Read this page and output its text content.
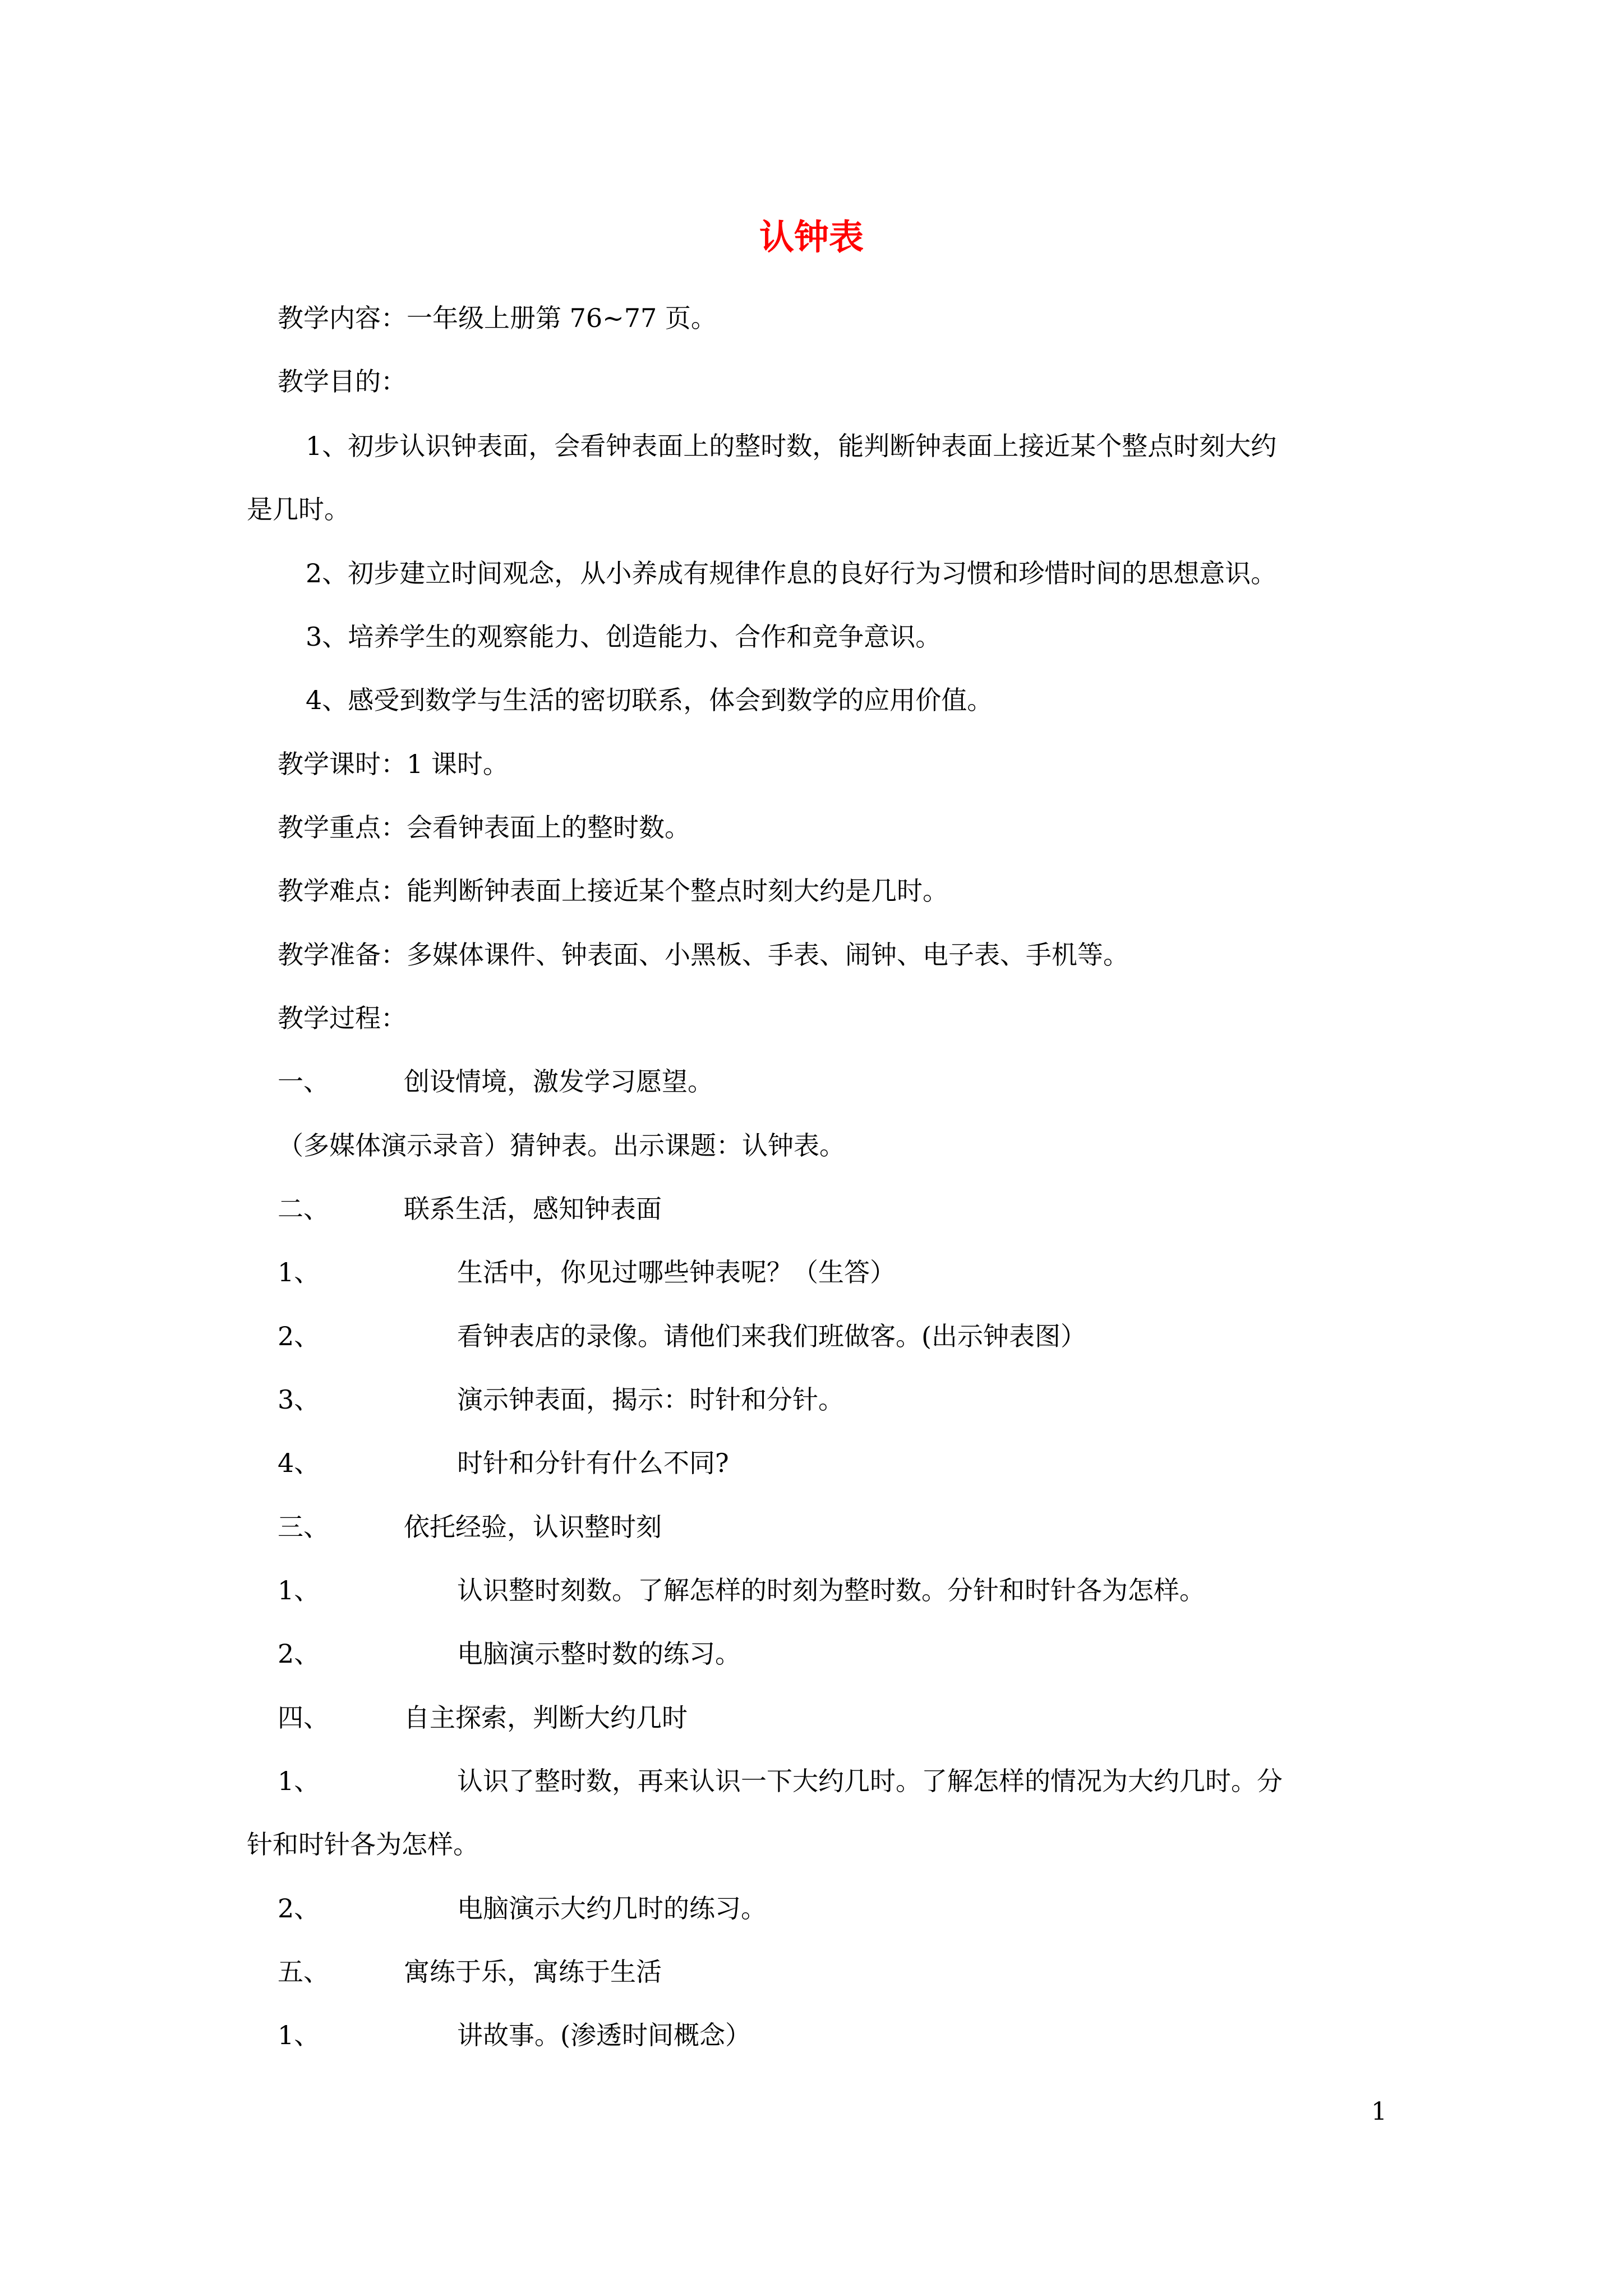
认钟表
教学内容：一年级上册第 76~77 页。
教学目的：
1、初步认识钟表面，会看钟表面上的整时数，能判断钟表面上接近某个整点时刻大约
是几时。
2、初步建立时间观念，从小养成有规律作息的良好行为习惯和珍惜时间的思想意识。
3、培养学生的观察能力、创造能力、合作和竞争意识。
4、感受到数学与生活的密切联系，体会到数学的应用价值。
教学课时：1 课时。
教学重点：会看钟表面上的整时数。
教学难点：能判断钟表面上接近某个整点时刻大约是几时。
教学准备：多媒体课件、钟表面、小黑板、手表、闹钟、电子表、手机等。
教学过程：
一、	创设情境，激发学习愿望。
（多媒体演示录音）猜钟表。出示课题：认钟表。
二、	联系生活，感知钟表面
1、	生活中，你见过哪些钟表呢？（生答）
2、	看钟表店的录像。请他们来我们班做客。(出示钟表图）
3、	演示钟表面，揭示：时针和分针。
4、	时针和分针有什么不同?
三、	依托经验，认识整时刻
1、	认识整时刻数。了解怎样的时刻为整时数。分针和时针各为怎样。
2、	电脑演示整时数的练习。
四、	自主探索，判断大约几时
1、	认识了整时数，再来认识一下大约几时。了解怎样的情况为大约几时。分
针和时针各为怎样。
2、	电脑演示大约几时的练习。
五、	寓练于乐，寓练于生活
1、	讲故事。(渗透时间概念）
1
